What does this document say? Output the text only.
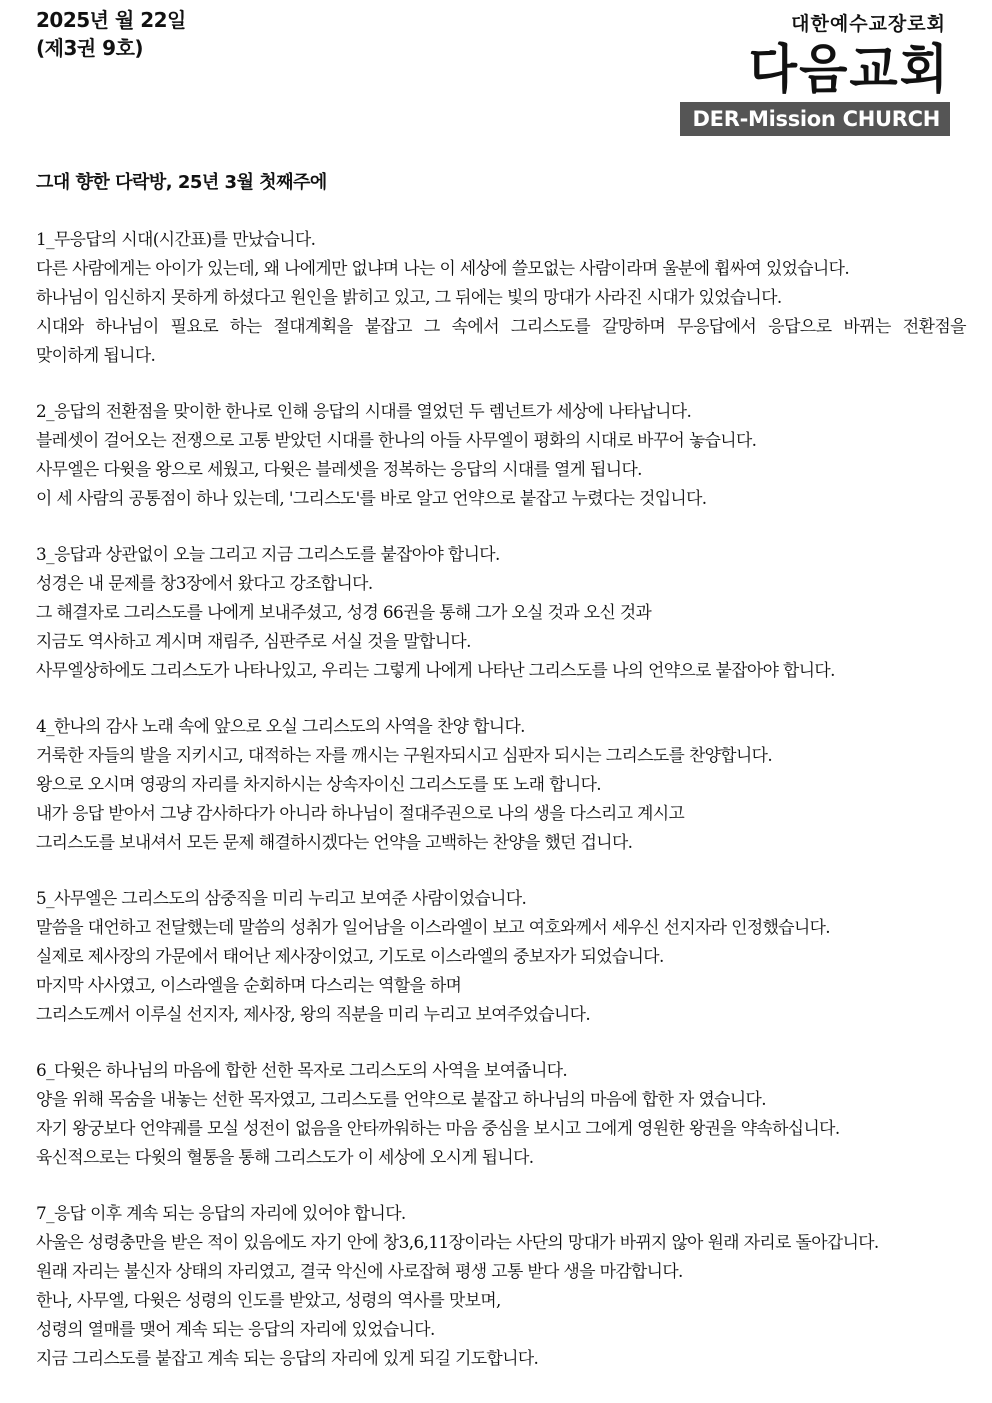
2025년 월 22일
(제3권 9호)
대한예수교장로회
다음교회
DER-Mission CHURCH
그대 향한 다락방, 25년 3월 첫째주에
1_무응답의 시대(시간표)를 만났습니다.
다른 사람에게는 아이가 있는데, 왜 나에게만 없냐며 나는 이 세상에 쓸모없는 사람이라며 울분에 휩싸여 있었습니다.
하나님이 임신하지 못하게 하셨다고 원인을 밝히고 있고, 그 뒤에는 빛의 망대가 사라진 시대가 있었습니다.
시대와 하나님이 필요로 하는 절대계획을 붙잡고 그 속에서 그리스도를 갈망하며 무응답에서 응답으로 바뀌는 전환점을
맞이하게 됩니다.
2_응답의 전환점을 맞이한 한나로 인해 응답의 시대를 열었던 두 렘넌트가 세상에 나타납니다.
블레셋이 걸어오는 전쟁으로 고통 받았던 시대를 한나의 아들 사무엘이 평화의 시대로 바꾸어 놓습니다.
사무엘은 다윗을 왕으로 세웠고, 다윗은 블레셋을 정복하는 응답의 시대를 열게 됩니다.
이 세 사람의 공통점이 하나 있는데, '그리스도'를 바로 알고 언약으로 붙잡고 누렸다는 것입니다.
3_응답과 상관없이 오늘 그리고 지금 그리스도를 붙잡아야 합니다.
성경은 내 문제를 창3장에서 왔다고 강조합니다.
그 해결자로 그리스도를 나에게 보내주셨고, 성경 66권을 통해 그가 오실 것과 오신 것과
지금도 역사하고 계시며 재림주, 심판주로 서실 것을 말합니다.
사무엘상하에도 그리스도가 나타나있고, 우리는 그렇게 나에게 나타난 그리스도를 나의 언약으로 붙잡아야 합니다.
4_한나의 감사 노래 속에 앞으로 오실 그리스도의 사역을 찬양 합니다.
거룩한 자들의 발을 지키시고, 대적하는 자를 깨시는 구원자되시고 심판자 되시는 그리스도를 찬양합니다.
왕으로 오시며 영광의 자리를 차지하시는 상속자이신 그리스도를 또 노래 합니다.
내가 응답 받아서 그냥 감사하다가 아니라 하나님이 절대주권으로 나의 생을 다스리고 계시고
그리스도를 보내셔서 모든 문제 해결하시겠다는 언약을 고백하는 찬양을 했던 겁니다.
5_사무엘은 그리스도의 삼중직을 미리 누리고 보여준 사람이었습니다.
말씀을 대언하고 전달했는데 말씀의 성취가 일어남을 이스라엘이 보고 여호와께서 세우신 선지자라 인정했습니다.
실제로 제사장의 가문에서 태어난 제사장이었고, 기도로 이스라엘의 중보자가 되었습니다.
마지막 사사였고, 이스라엘을 순회하며 다스리는 역할을 하며
그리스도께서 이루실 선지자, 제사장, 왕의 직분을 미리 누리고 보여주었습니다.
6_다윗은 하나님의 마음에 합한 선한 목자로 그리스도의 사역을 보여줍니다.
양을 위해 목숨을 내놓는 선한 목자였고, 그리스도를 언약으로 붙잡고 하나님의 마음에 합한 자 였습니다.
자기 왕궁보다 언약궤를 모실 성전이 없음을 안타까워하는 마음 중심을 보시고 그에게 영원한 왕권을 약속하십니다.
육신적으로는 다윗의 혈통을 통해 그리스도가 이 세상에 오시게 됩니다.
7_응답 이후 계속 되는 응답의 자리에 있어야 합니다.
사울은 성령충만을 받은 적이 있음에도 자기 안에 창3,6,11장이라는 사단의 망대가 바뀌지 않아 원래 자리로 돌아갑니다.
원래 자리는 불신자 상태의 자리였고, 결국 악신에 사로잡혀 평생 고통 받다 생을 마감합니다.
한나, 사무엘, 다윗은 성령의 인도를 받았고, 성령의 역사를 맛보며,
성령의 열매를 맺어 계속 되는 응답의 자리에 있었습니다.
지금 그리스도를 붙잡고 계속 되는 응답의 자리에 있게 되길 기도합니다.
